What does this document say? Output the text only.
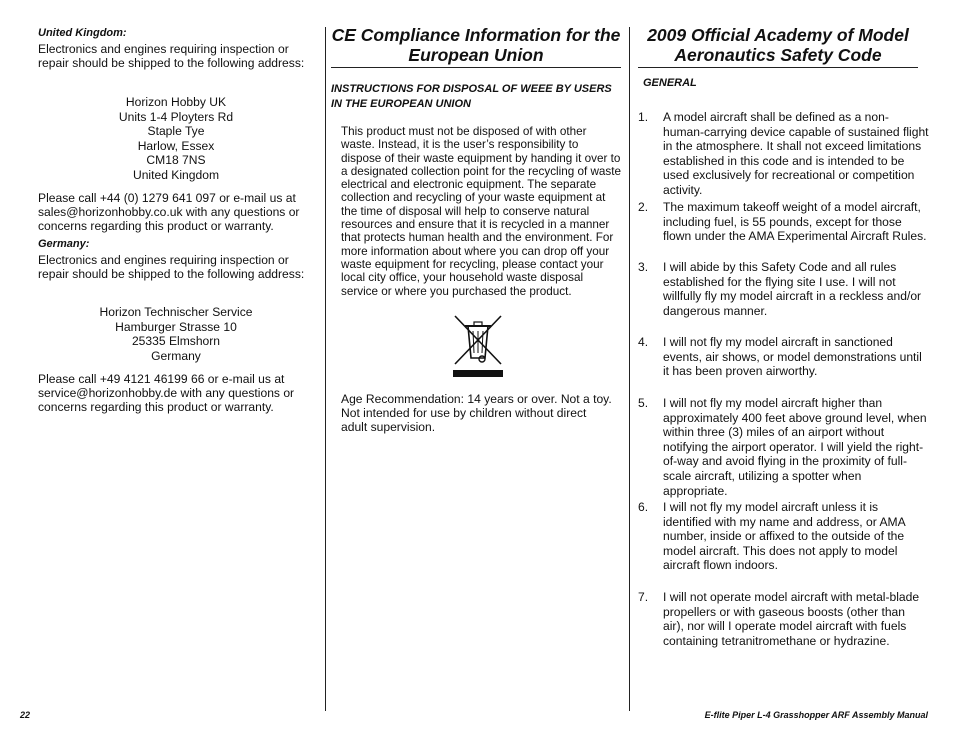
United Kingdom:
Electronics and engines requiring inspection or repair should be shipped to the following address:
Horizon Hobby UK
Units 1-4 Ployters Rd
Staple Tye
Harlow, Essex
CM18 7NS
United Kingdom
Please call +44 (0) 1279 641 097 or e-mail us at sales@horizonhobby.co.uk with any questions or concerns regarding this product or warranty.
Germany:
Electronics and engines requiring inspection or repair should be shipped to the following address:
Horizon Technischer Service
Hamburger Strasse 10
25335 Elmshorn
Germany
Please call +49 4121 46199 66 or e-mail us at service@horizonhobby.de with any questions or concerns regarding this product or warranty.
CE Compliance Information for the European Union
INSTRUCTIONS FOR DISPOSAL OF WEEE BY USERS IN THE EUROPEAN UNION
This product must not be disposed of with other waste. Instead, it is the user’s responsibility to dispose of their waste equipment by handing it over to a designated collection point for the recycling of waste electrical and electronic equipment. The separate collection and recycling of your waste equipment at the time of disposal will help to conserve natural resources and ensure that it is recycled in a manner that protects human health and the environment. For more information about where you can drop off your waste equipment for recycling, please contact your local city office, your household waste disposal service or where you purchased the product.
Age Recommendation: 14 years or over. Not a toy. Not intended for use by children without direct adult supervision.
2009 Official Academy of Model Aeronautics Safety Code
GENERAL
1. A model aircraft shall be defined as a non-human-carrying device capable of sustained flight in the atmosphere. It shall not exceed limitations established in this code and is intended to be used exclusively for recreational or competition activity.
2. The maximum takeoff weight of a model aircraft, including fuel, is 55 pounds, except for those flown under the AMA Experimental Aircraft Rules.
3. I will abide by this Safety Code and all rules established for the flying site I use. I will not willfully fly my model aircraft in a reckless and/or dangerous manner.
4. I will not fly my model aircraft in sanctioned events, air shows, or model demonstrations until it has been proven airworthy.
5. I will not fly my model aircraft higher than approximately 400 feet above ground level, when within three (3) miles of an airport without notifying the airport operator. I will yield the right-of-way and avoid flying in the proximity of full-scale aircraft, utilizing a spotter when appropriate.
6. I will not fly my model aircraft unless it is identified with my name and address, or AMA number, inside or affixed to the outside of the model aircraft. This does not apply to model aircraft flown indoors.
7. I will not operate model aircraft with metal-blade propellers or with gaseous boosts (other than air), nor will I operate model aircraft with fuels containing tetranitromethane or hydrazine.
22	E-flite Piper L-4 Grasshopper ARF Assembly Manual
